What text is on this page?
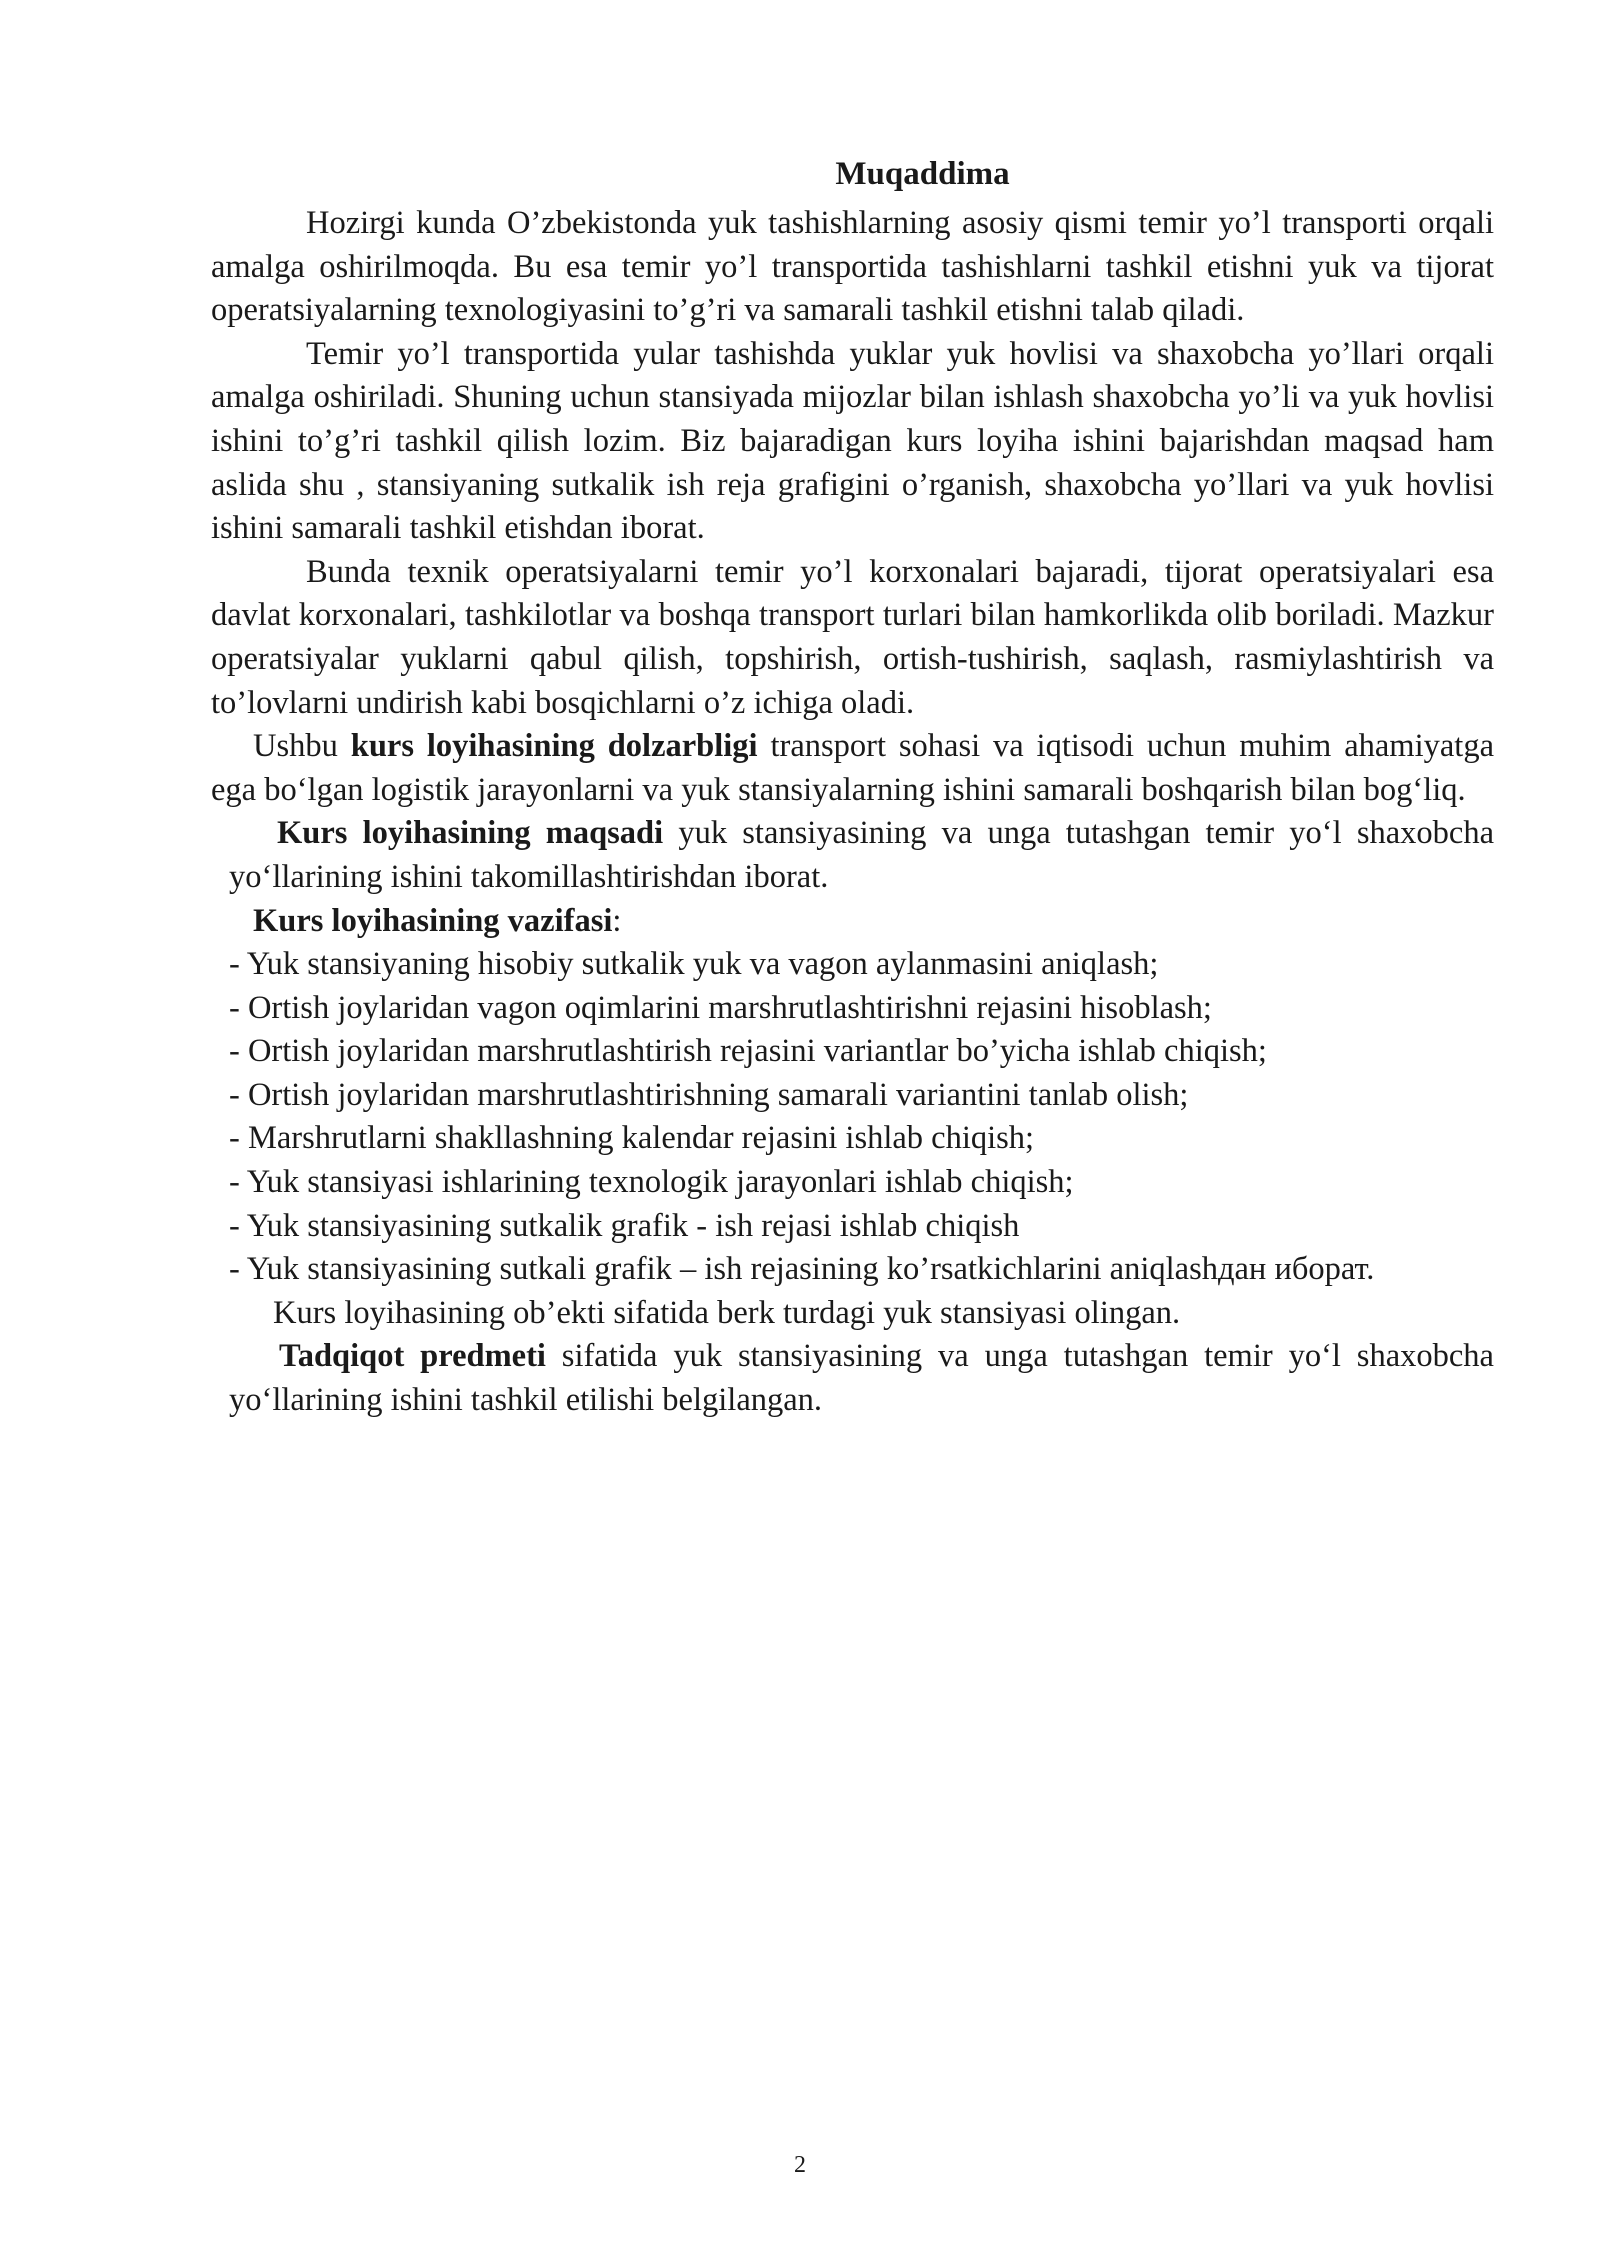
Muqaddima

Hozirgi kunda O’zbekistonda yuk tashishlarning asosiy qismi temir yo’l transporti orqali amalga oshirilmoqda. Bu esa temir yo’l transportida tashishlarni tashkil etishni yuk va tijorat operatsiyalarning texnologiyasini to’g’ri va samarali tashkil etishni talab qiladi.

Temir yo’l transportida yular tashishda yuklar yuk hovlisi va shaxobcha yo’llari orqali amalga oshiriladi. Shuning uchun stansiyada mijozlar bilan ishlash shaxobcha yo’li va yuk hovlisi ishini to’g’ri tashkil qilish lozim. Biz bajaradigan kurs loyiha ishini bajarishdan maqsad ham aslida shu , stansiyaning sutkalik ish reja grafigini o’rganish, shaxobcha yo’llari va yuk hovlisi ishini samarali tashkil etishdan iborat.

Bunda texnik operatsiyalarni temir yo’l korxonalari bajaradi, tijorat operatsiyalari esa davlat korxonalari, tashkilotlar va boshqa transport turlari bilan hamkorlikda olib boriladi. Mazkur operatsiyalar yuklarni qabul qilish, topshirish, ortish-tushirish, saqlash, rasmiylashtirish va to’lovlarni undirish kabi bosqichlarni o’z ichiga oladi.

Ushbu kurs loyihasining dolzarbligi transport sohasi va iqtisodi uchun muhim ahamiyatga ega bo‘lgan logistik jarayonlarni va yuk stansiyalarning ishini samarali boshqarish bilan bog‘liq.

Kurs loyihasining maqsadi yuk stansiyasining va unga tutashgan temir yo‘l shaxobcha yo‘llarining ishini takomillashtirishdan iborat.

Kurs loyihasining vazifasi:

- Yuk stansiyaning hisobiy sutkalik yuk va vagon aylanmasini aniqlash;
- Ortish joylaridan vagon oqimlarini marshrutlashtirishni rejasini hisoblash;
- Ortish joylaridan marshrutlashtirish rejasini variantlar bo’yicha ishlab chiqish;
- Ortish joylaridan marshrutlashtirishning samarali variantini tanlab olish;
- Marshrutlarni shakllashning kalendar rejasini ishlab chiqish;
- Yuk stansiyasi ishlarining texnologik jarayonlari ishlab chiqish;
- Yuk stansiyasining sutkalik grafik - ish rejasi ishlab chiqish
- Yuk stansiyasining sutkali grafik – ish rejasining ko’rsatkichlarini aniqlashдан иборат.

Kurs loyihasining ob’ekti sifatida berk turdagi yuk stansiyasi olingan.

Tadqiqot predmeti sifatida yuk stansiyasining va unga tutashgan temir yo‘l shaxobcha yo‘llarining ishini tashkil etilishi belgilangan.

2
